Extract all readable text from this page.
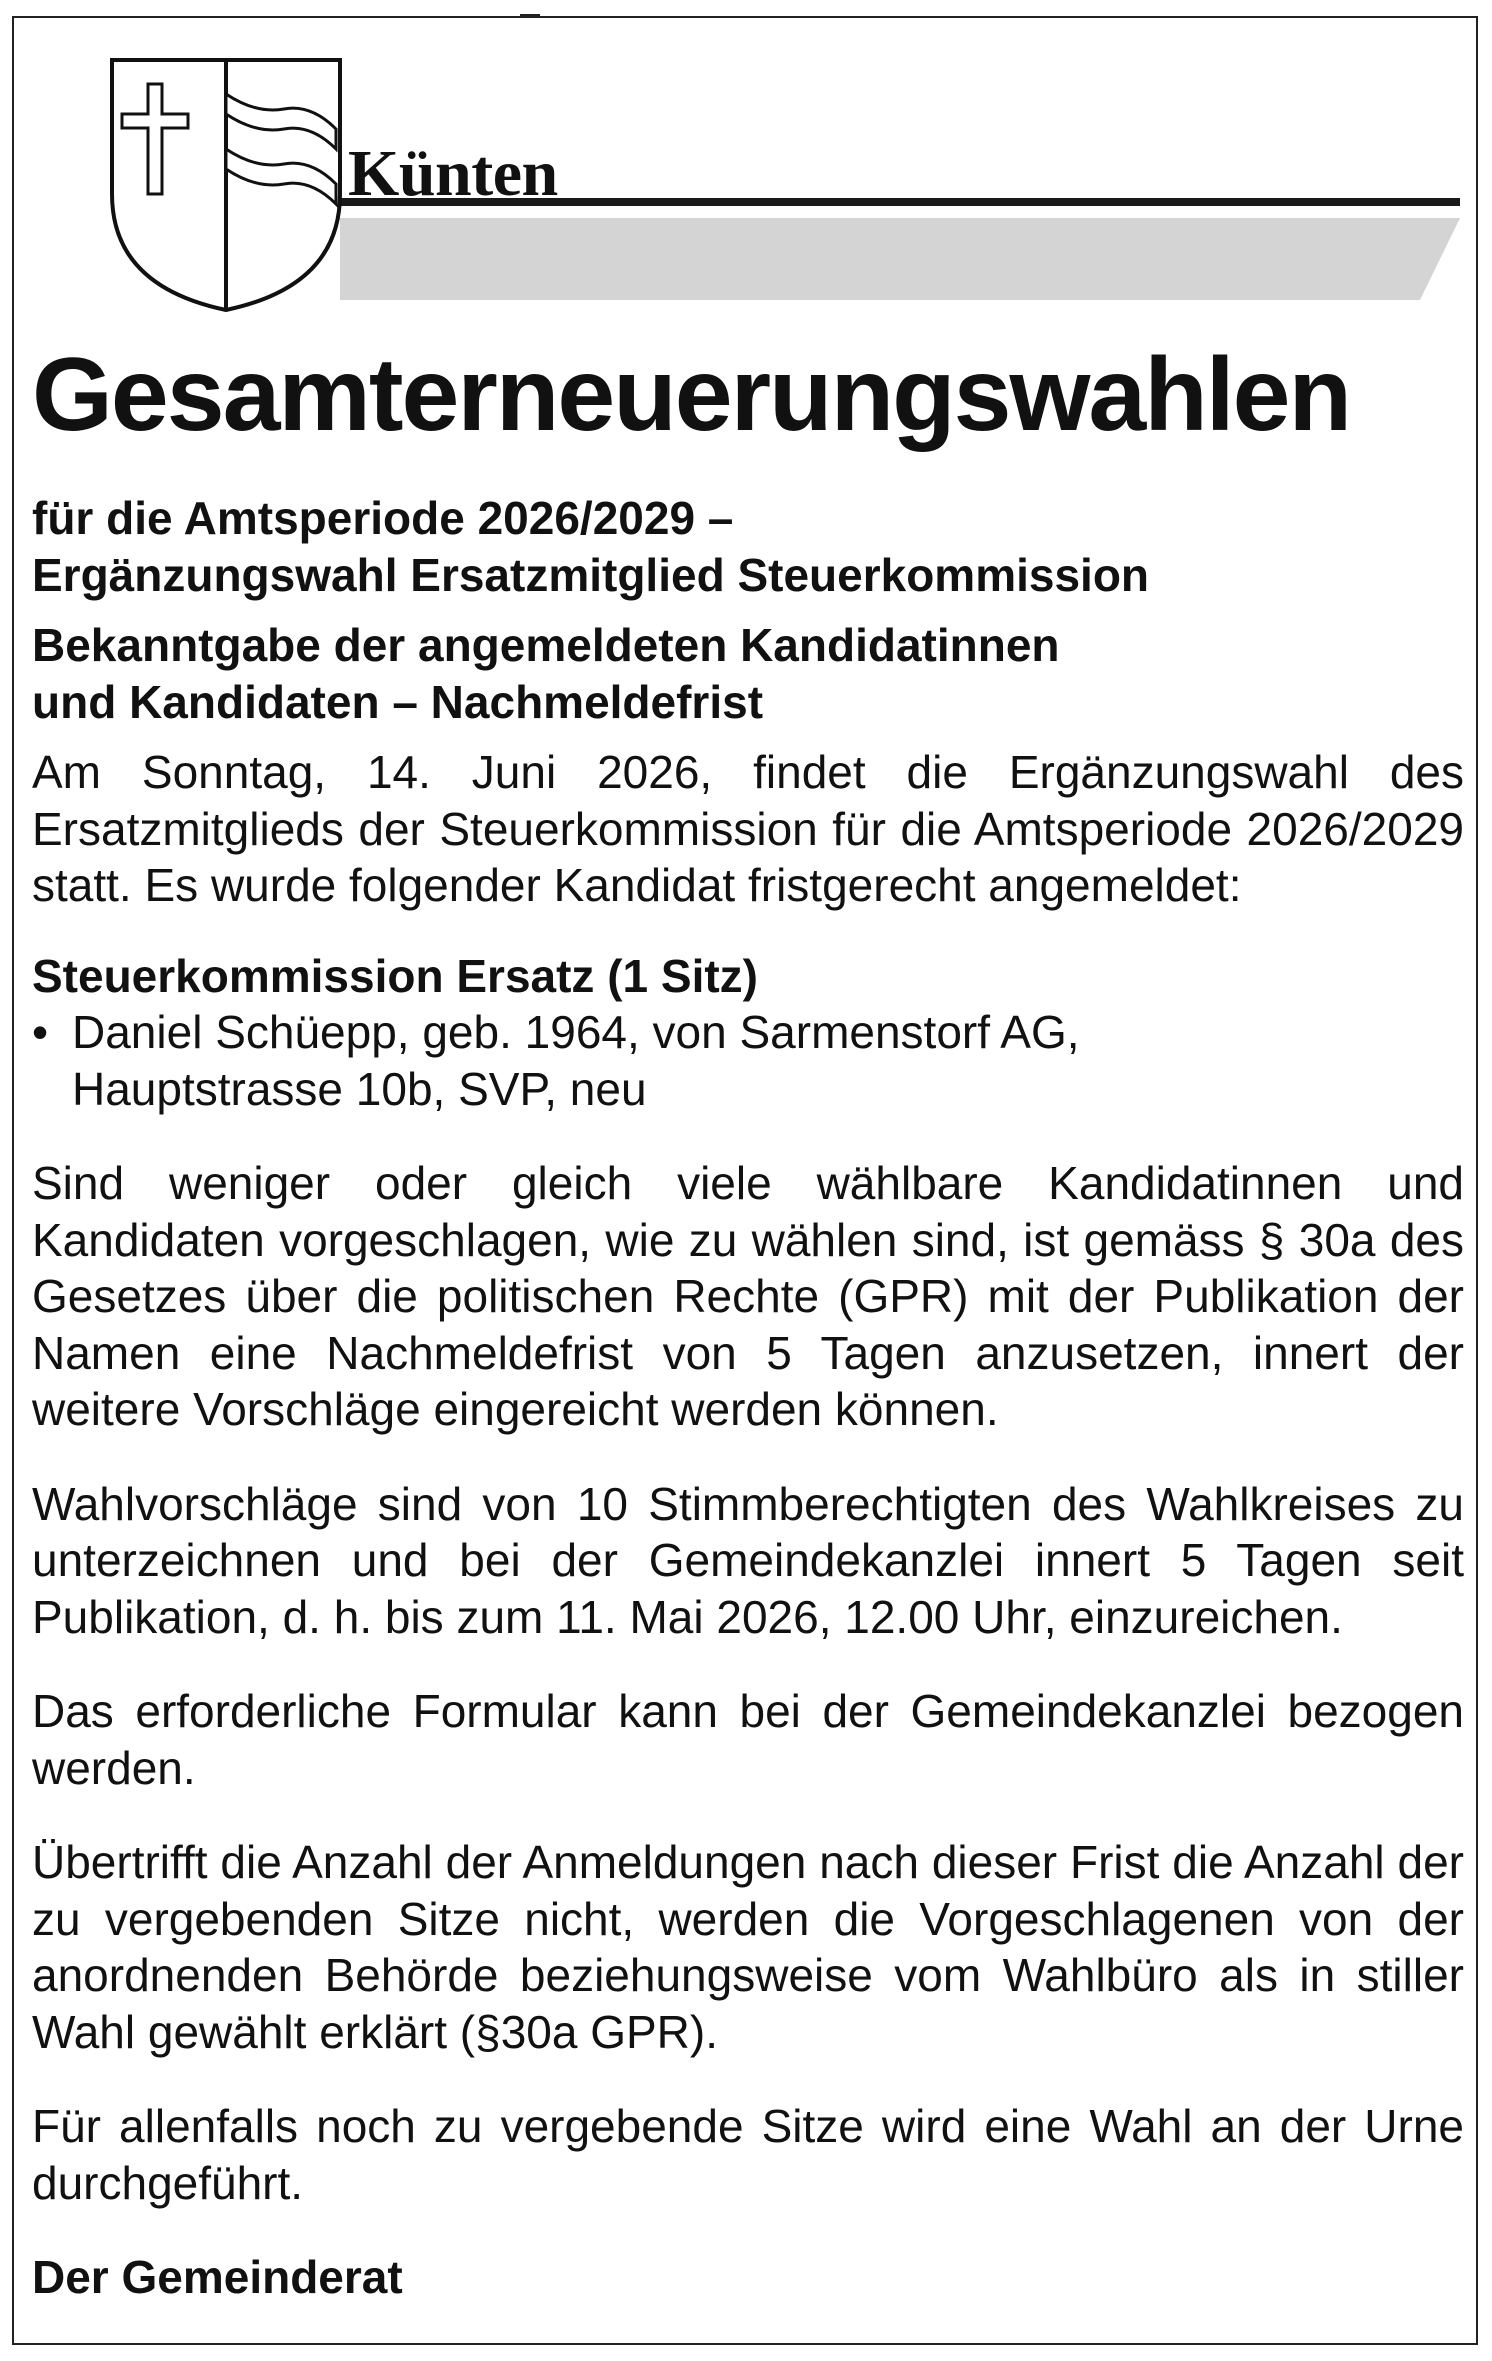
Künten
Gesamterneuerungswahlen

für die Amtsperiode 2026/2029 –

Ergänzungswahl Ersatzmitglied Steuerkommission

Bekanntgabe der angemeldeten Kandidatinnen

und Kandidaten – Nachmeldefrist

Am Sonntag, 14. Juni 2026, findet die Ergänzungswahl des Ersatzmitglieds der Steuerkommission für die Amtsperiode 2026/2029 statt. Es wurde folgender Kandidat fristgerecht angemeldet:

Steuerkommission Ersatz (1 Sitz)

• Daniel Schüepp, geb. 1964, von Sarmenstorf AG,
Hauptstrasse 10b, SVP, neu

Sind weniger oder gleich viele wählbare Kandidatinnen und Kandidaten vorgeschlagen, wie zu wählen sind, ist gemäss § 30a des Gesetzes über die politischen Rechte (GPR) mit der Publikation der Namen eine Nachmeldefrist von 5 Tagen anzusetzen, innert der weitere Vorschläge eingereicht werden können.

Wahlvorschläge sind von 10 Stimmberechtigten des Wahlkreises zu unterzeichnen und bei der Gemeindekanzlei innert 5 Tagen seit Publikation, d. h. bis zum 11. Mai 2026, 12.00 Uhr, einzureichen.

Das erforderliche Formular kann bei der Gemeindekanzlei bezogen werden.

Übertrifft die Anzahl der Anmeldungen nach dieser Frist die Anzahl der zu vergebenden Sitze nicht, werden die Vorgeschlagenen von der anordnenden Behörde beziehungsweise vom Wahlbüro als in stiller Wahl gewählt erklärt (§30a GPR).

Für allenfalls noch zu vergebende Sitze wird eine Wahl an der Urne durchgeführt.

Der Gemeinderat
